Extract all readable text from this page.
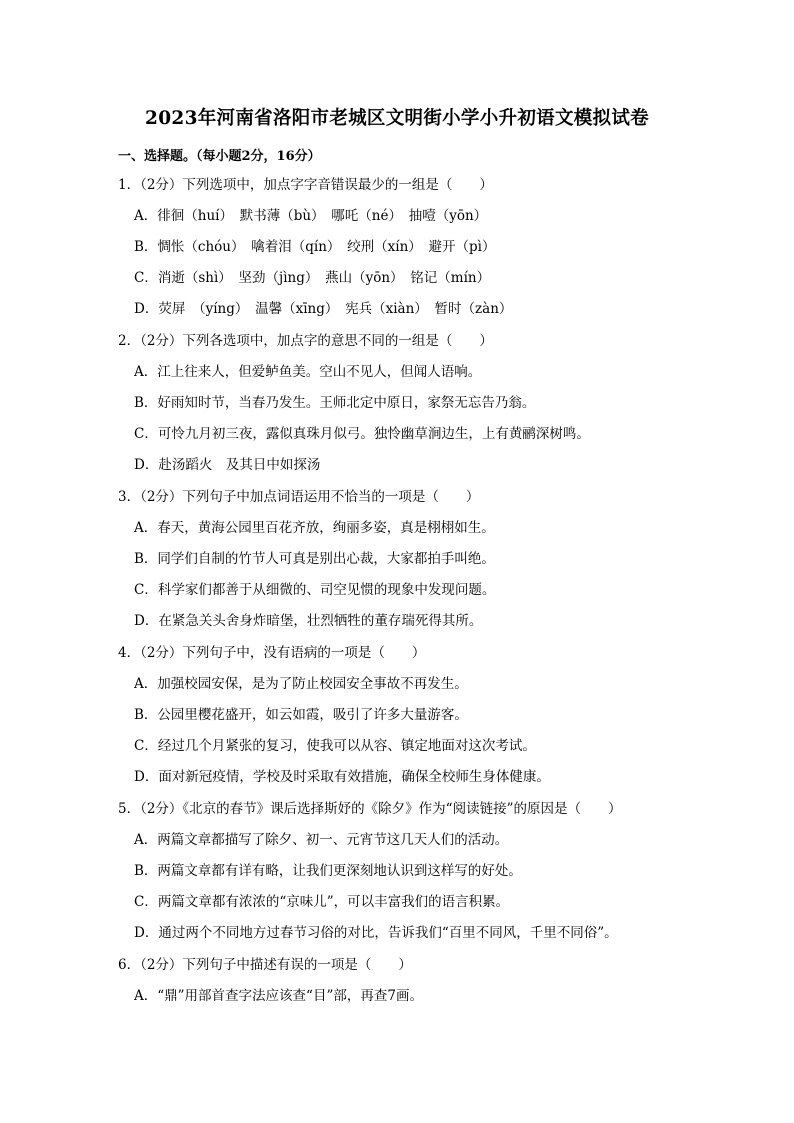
2023年河南省洛阳市老城区文明街小学小升初语文模拟试卷
一、选择题。（每小题2分，16分）
1．（2分）下列选项中，加点字字音错误最少的一组是（　　）
A．徘徊（huí）　默书薄（bù）　哪吒（né）　抽噎（yōn）
B．惆怅（chóu）　噙着泪（qín）　绞刑（xín）　避开（pì）
C．消逝（shì）　坚劲（jìng）　燕山（yōn）　铭记（mín）
D．荧屏　（yíng）　温馨（xīng）　宪兵（xiàn）　暂时（zàn）
2．（2分）下列各选项中，加点字的意思不同的一组是（　　）
A．江上往来人，但爱鲈鱼美。空山不见人，但闻人语响。
B．好雨知时节，当春乃发生。王师北定中原日，家祭无忘告乃翁。
C．可怜九月初三夜，露似真珠月似弓。独怜幽草涧边生，上有黄鹂深树鸣。
D．赴汤蹈火　及其日中如探汤
3．（2分）下列句子中加点词语运用不恰当的一项是（　　）
A．春天，黄海公园里百花齐放，绚丽多姿，真是栩栩如生。
B．同学们自制的竹节人可真是别出心裁，大家都拍手叫绝。
C．科学家们都善于从细微的、司空见惯的现象中发现问题。
D．在紧急关头舍身炸暗堡，壮烈牺牲的董存瑞死得其所。
4．（2分）下列句子中，没有语病的一项是（　　）
A．加强校园安保，是为了防止校园安全事故不再发生。
B．公园里樱花盛开，如云如霞，吸引了许多大量游客。
C．经过几个月紧张的复习，使我可以从容、镇定地面对这次考试。
D．面对新冠疫情，学校及时采取有效措施，确保全校师生身体健康。
5．（2分）《北京的春节》课后选择斯妤的《除夕》作为“阅读链接”的原因是（　　）
A．两篇文章都描写了除夕、初一、元宵节这几天人们的活动。
B．两篇文章都有详有略，让我们更深刻地认识到这样写的好处。
C．两篇文章都有浓浓的“京味儿”，可以丰富我们的语言积累。
D．通过两个不同地方过春节习俗的对比，告诉我们“百里不同风，千里不同俗”。
6．（2分）下列句子中描述有误的一项是（　　）
A．“鼎”用部首查字法应该查“目”部，再查7画。
